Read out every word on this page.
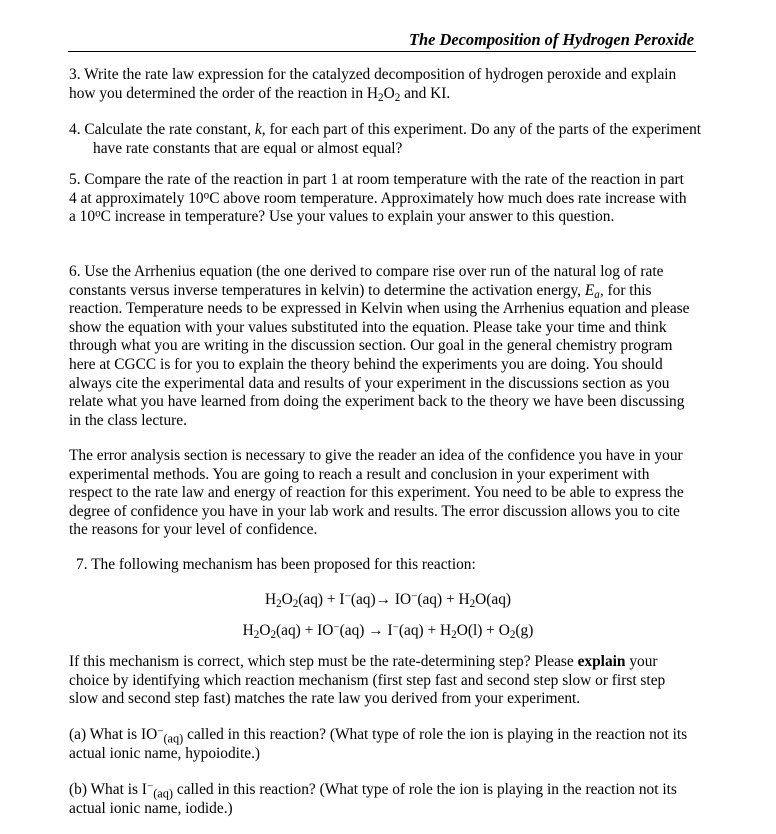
The Decomposition of Hydrogen Peroxide

3. Write the rate law expression for the catalyzed decomposition of hydrogen peroxide and explain how you determined the order of the reaction in $H_2O_2$ and KI.

4. Calculate the rate constant, k, for each part of this experiment. Do any of the parts of the experiment have rate constants that are equal or almost equal?

5. Compare the rate of the reaction in part 1 at room temperature with the rate of the reaction in part 4 at approximately 10$^o$C above room temperature. Approximately how much does rate increase with a 10$^o$C increase in temperature? Use your values to explain your answer to this question.

6. Use the Arrhenius equation (the one derived to compare rise over run of the natural log of rate constants versus inverse temperatures in kelvin) to determine the activation energy, $E_a$, for this reaction. Temperature needs to be expressed in Kelvin when using the Arrhenius equation and please show the equation with your values substituted into the equation. Please take your time and think through what you are writing in the discussion section. Our goal in the general chemistry program here at CGCC is for you to explain the theory behind the experiments you are doing. You should always cite the experimental data and results of your experiment in the discussions section as you relate what you have learned from doing the experiment back to the theory we have been discussing in the class lecture.

The error analysis section is necessary to give the reader an idea of the confidence you have in your experimental methods. You are going to reach a result and conclusion in your experiment with respect to the rate law and energy of reaction for this experiment. You need to be able to express the degree of confidence you have in your lab work and results. The error discussion allows you to cite the reasons for your level of confidence.

7. The following mechanism has been proposed for this reaction:

$H_2O_2(aq) + I^-(aq)\to IO^-(aq) + H_2O(aq)$
$H_2O_2(aq) + IO^-(aq) \to I^-(aq) + H_2O(l) + O_2(g)$

If this mechanism is correct, which step must be the rate-determining step? Please explain your choice by identifying which reaction mechanism (first step fast and second step slow or first step slow and second step fast) matches the rate law you derived from your experiment.

(a) What is $IO^-_{(aq)}$ called in this reaction? (What type of role the ion is playing in the reaction not its actual ionic name, hypoiodite.)

(b) What is $I^-_{(aq)}$ called in this reaction? (What type of role the ion is playing in the reaction not its actual ionic name, iodide.)
